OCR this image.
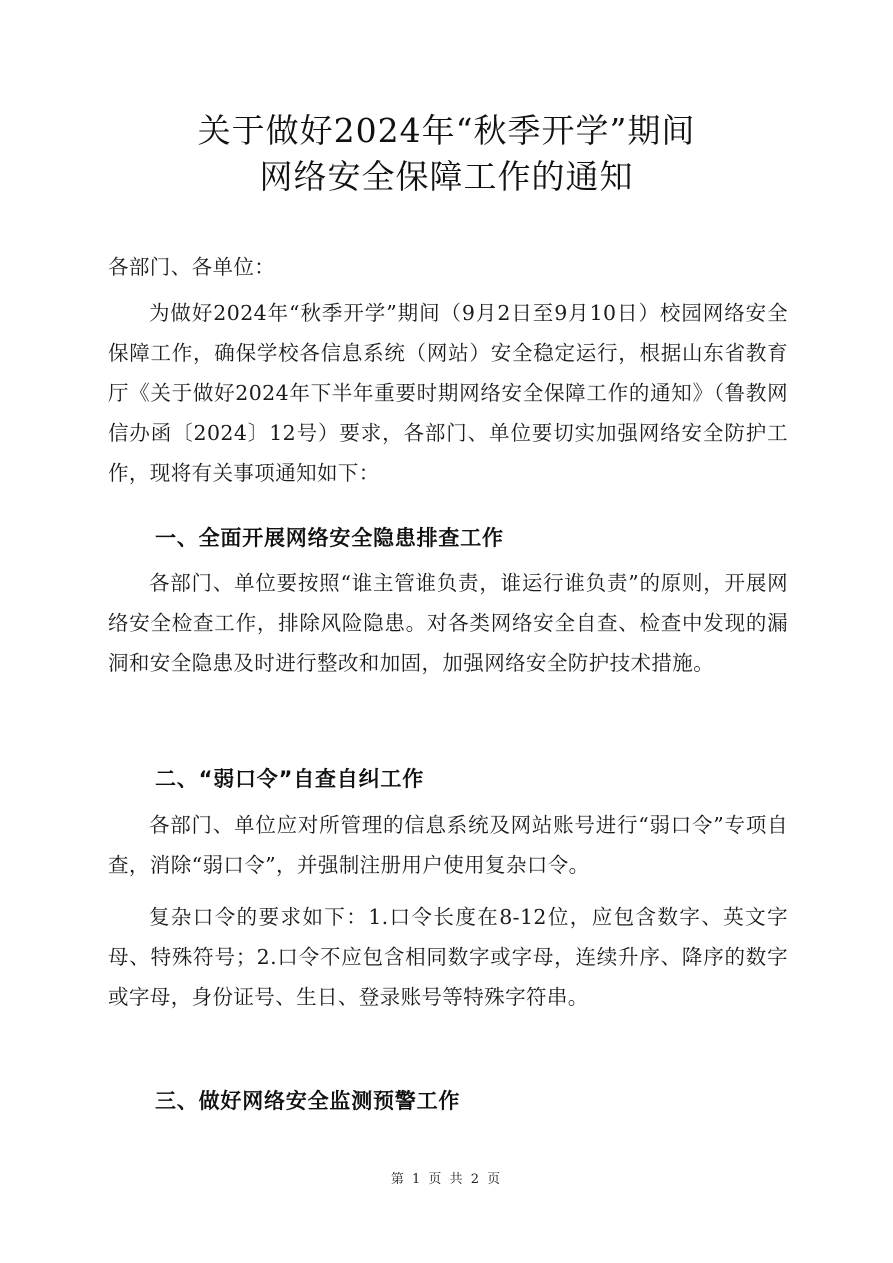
关于做好2024年“秋季开学”期间
网络安全保障工作的通知
各部门、各单位：
为做好2024年“秋季开学”期间（9月2日至9月10日）校园网络安全保障工作，确保学校各信息系统（网站）安全稳定运行，根据山东省教育厅《关于做好2024年下半年重要时期网络安全保障工作的通知》（鲁教网信办函〔2024〕12号）要求，各部门、单位要切实加强网络安全防护工作，现将有关事项通知如下：
一、全面开展网络安全隐患排查工作
各部门、单位要按照“谁主管谁负责，谁运行谁负责”的原则，开展网络安全检查工作，排除风险隐患。对各类网络安全自查、检查中发现的漏洞和安全隐患及时进行整改和加固，加强网络安全防护技术措施。
二、“弱口令”自查自纠工作
各部门、单位应对所管理的信息系统及网站账号进行“弱口令”专项自查，消除“弱口令”，并强制注册用户使用复杂口令。
复杂口令的要求如下：1.口令长度在8-12位，应包含数字、英文字母、特殊符号；2.口令不应包含相同数字或字母，连续升序、降序的数字或字母，身份证号、生日、登录账号等特殊字符串。
三、做好网络安全监测预警工作
第 1 页 共 2 页
